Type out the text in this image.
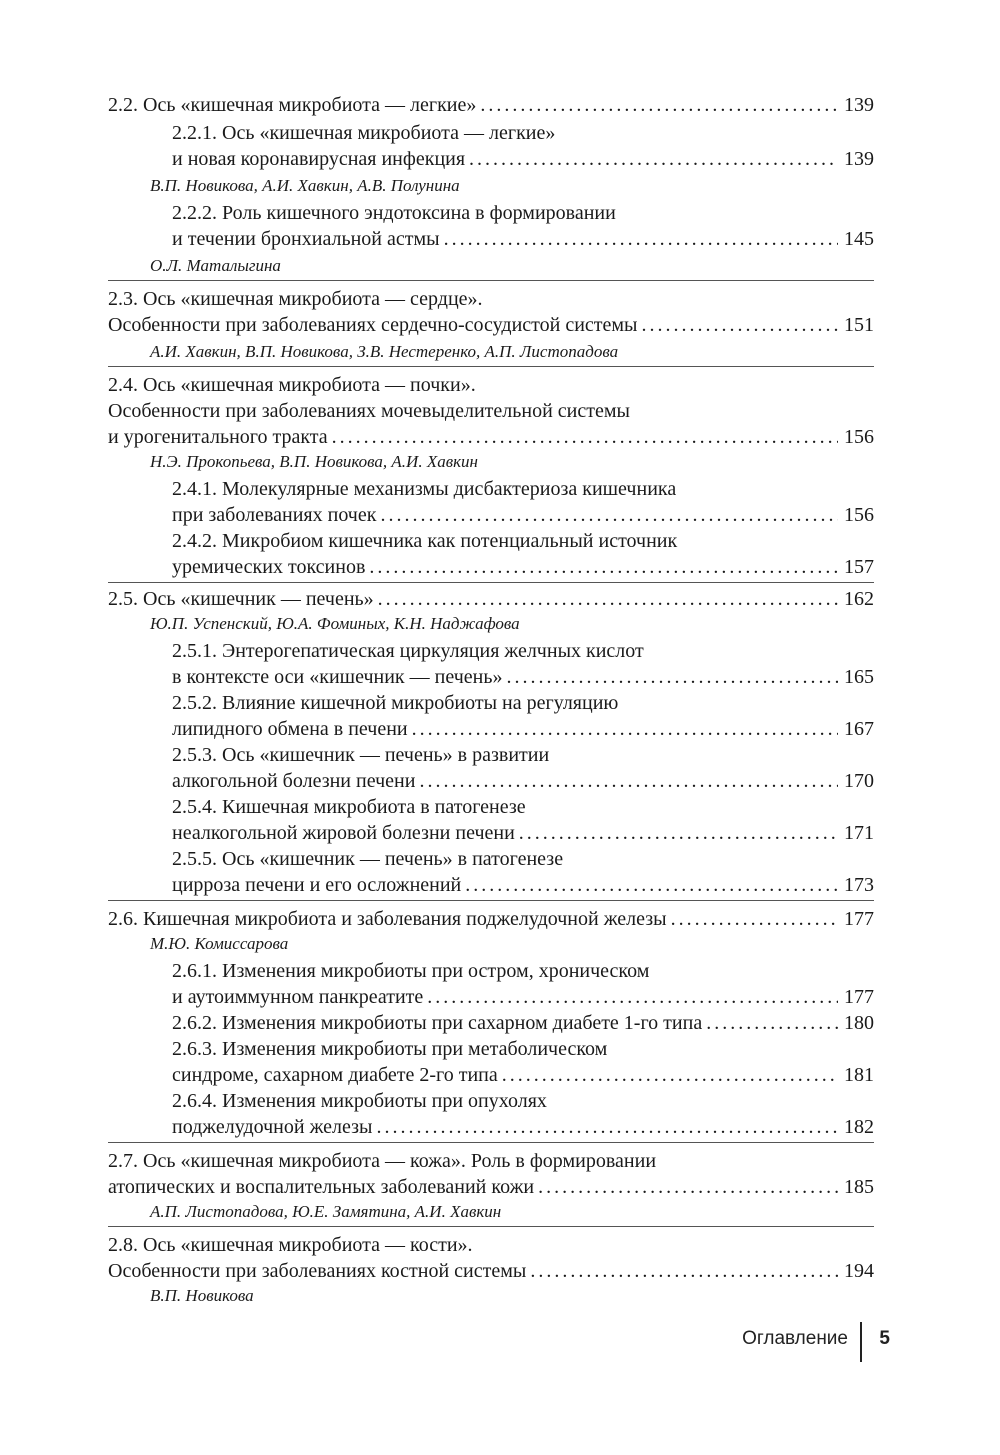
2.2. Ось «кишечная микробиота — легкие» . . .	139
2.2.1. Ось «кишечная микробиота — легкие»
и новая коронавирусная инфекция . . .	139
В.П. Новикова, А.И. Хавкин, А.В. Полунина
2.2.2. Роль кишечного эндотоксина в формировании
и течении бронхиальной астмы . . .	145
О.Л. Маталыгина
2.3. Ось «кишечная микробиота — сердце».
Особенности при заболеваниях сердечно-сосудистой системы . . .	151
А.И. Хавкин, В.П. Новикова, З.В. Нестеренко, А.П. Листопадова
2.4. Ось «кишечная микробиота — почки».
Особенности при заболеваниях мочевыделительной системы
и урогенитального тракта . . .	156
Н.Э. Прокопьева, В.П. Новикова, А.И. Хавкин
2.4.1. Молекулярные механизмы дисбактериоза кишечника
при заболеваниях почек . . .	156
2.4.2. Микробиом кишечника как потенциальный источник
уремических токсинов . . .	157
2.5. Ось «кишечник — печень» . . .	162
Ю.П. Успенский, Ю.А. Фоминых, К.Н. Наджафова
2.5.1. Энтерогепатическая циркуляция желчных кислот
в контексте оси «кишечник — печень» . . .	165
2.5.2. Влияние кишечной микробиоты на регуляцию
липидного обмена в печени . . .	167
2.5.3. Ось «кишечник — печень» в развитии
алкогольной болезни печени . . .	170
2.5.4. Кишечная микробиота в патогенезе
неалкогольной жировой болезни печени . . .	171
2.5.5. Ось «кишечник — печень» в патогенезе
цирроза печени и его осложнений . . .	173
2.6. Кишечная микробиота и заболевания поджелудочной железы . . .	177
М.Ю. Комиссарова
2.6.1. Изменения микробиоты при остром, хроническом
и аутоиммунном панкреатите . . .	177
2.6.2. Изменения микробиоты при сахарном диабете 1-го типа . . .	180
2.6.3. Изменения микробиоты при метаболическом
синдроме, сахарном диабете 2-го типа . . .	181
2.6.4. Изменения микробиоты при опухолях
поджелудочной железы . . .	182
2.7. Ось «кишечная микробиота — кожа». Роль в формировании
атопических и воспалительных заболеваний кожи . . .	185
А.П. Листопадова, Ю.Е. Замятина, А.И. Хавкин
2.8. Ось «кишечная микробиота — кости».
Особенности при заболеваниях костной системы . . .	194
В.П. Новикова
Оглавление 5
